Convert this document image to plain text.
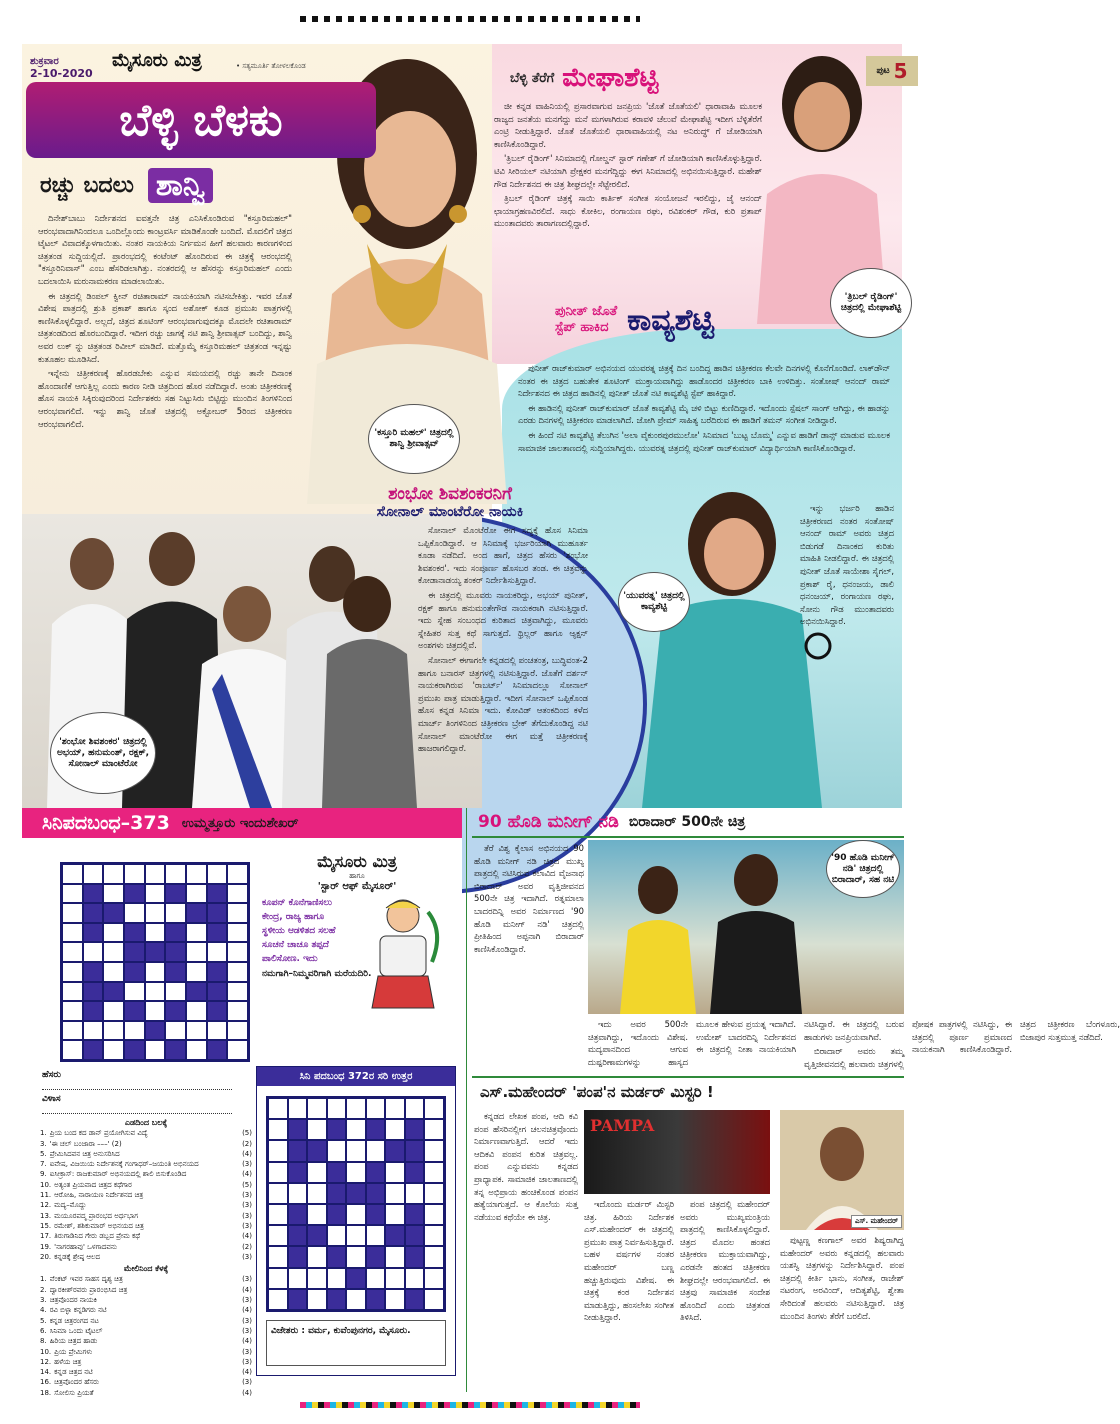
ಶುಕ್ರವಾರ
2-10-2020
ಮೈಸೂರು ಮಿತ್ರ	• ಸತ್ಯಮೂರ್ತಿ ತೋಳಲಕೊಂಡ
ಬೆಳ್ಳಿ ಬೆಳಕು
ಪುಟ 5
ರಚ್ಚು ಬದಲು ಶಾನ್ವಿ

ದಿನೇಶ್‌ಬಾಬು ನಿರ್ದೇಶನದ ಐವತ್ತನೇ ಚಿತ್ರ ಎನಿಸಿಕೊಂಡಿರುವ "ಕಸ್ತೂರಿಮಹಲ್" ಆರಂಭವಾದಾಗಿನಿಂದಲೂ ಒಂದಿಲ್ಲೊಂದು ಕಾಂಟ್ರವರ್ಸಿ ಮಾಡಿಕೊಂಡೇ ಬಂದಿದೆ. ಮೊದಲಿಗೆ ಚಿತ್ರದ ಟೈಟಲ್ ವಿವಾದಕ್ಕೊಳಗಾಯಿತು. ನಂತರ ನಾಯಕಿಯ ನಿರ್ಗಮನ ಹೀಗೆ ಹಲವಾರು ಕಾರಣಗಳಿಂದ ಚಿತ್ರತಂಡ ಸುದ್ದಿಯಲ್ಲಿದೆ. ಪ್ರಾರಂಭದಲ್ಲಿ ಕಂಟೆಂಟ್ ಹೊಂದಿರುವ ಈ ಚಿತ್ರಕ್ಕೆ ಆರಂಭದಲ್ಲಿ "ಕಸ್ತೂರಿನಿವಾಸ್" ಎಂಬ ಹೆಸರಿಡಲಾಗಿತ್ತು. ನಂತರದಲ್ಲಿ ಆ ಹೆಸರನ್ನು ಕಸ್ತೂರಿಮಹಲ್ ಎಂದು ಬದಲಾಯಿಸಿ ಮರುನಾಮಕರಣ ಮಾಡಲಾಯಿತು.

ಈ ಚಿತ್ರದಲ್ಲಿ ಡಿಂಪಲ್ ಕ್ವೀನ್ ರಚಿತಾರಾಮ್ ನಾಯಕಿಯಾಗಿ ನಟಿಸಬೇಕಿತ್ತು. ಇವರ ಜೊತೆ ವಿಶೇಷ ಪಾತ್ರದಲ್ಲಿ ಶ್ರುತಿ ಪ್ರಕಾಶ್ ಹಾಗೂ ಸ್ಕಂದ ಅಶೋಕ್ ಕೂಡ ಪ್ರಮುಖ ಪಾತ್ರಗಳಲ್ಲಿ ಕಾಣಿಸಿಕೊಳ್ಳಲಿದ್ದಾರೆ. ಅಲ್ಲದೆ, ಚಿತ್ರದ ಶೂಟಿಂಗ್ ಆರಂಭವಾಗುವುದಕ್ಕೂ ಮೊದಲೇ ರಚಿತಾರಾಮ್ ಚಿತ್ರತಂಡದಿಂದ ಹೊರಬಂದಿದ್ದಾರೆ. ಇದೀಗ ರಚ್ಚು ಜಾಗಕ್ಕೆ ನಟಿ ಶಾನ್ವಿ ಶ್ರೀವಾತ್ಸವ್ ಬಂದಿದ್ದು, ಶಾನ್ವಿ ಅವರ ಲುಕ್ ನ್ನು ಚಿತ್ರತಂಡ ರಿವೀಲ್ ಮಾಡಿದೆ. ಮತ್ತೊಮ್ಮೆ ಕಸ್ತೂರಿಮಹಲ್ ಚಿತ್ರತಂಡ ಇನ್ನಷ್ಟು ಕುತೂಹಲ ಮೂಡಿಸಿದೆ.

ಇನ್ನೇನು ಚಿತ್ರೀಕರಣಕ್ಕೆ ಹೊರಡಬೇಕು ಎನ್ನುವ ಸಮಯದಲ್ಲಿ ರಚ್ಚು ತಾನೇ ದಿನಾಂಕ ಹೊಂದಾಣಿಕೆ ಆಗುತ್ತಿಲ್ಲ ಎಂದು ಕಾರಣ ನೀಡಿ ಚಿತ್ರದಿಂದ ಹೊರ ನಡೆದಿದ್ದಾರೆ. ಅಂತು ಚಿತ್ರೀಕರಣಕ್ಕೆ ಹೊಸ ನಾಯಕಿ ಸಿಕ್ಕಿರುವುದರಿಂದ ನಿರ್ದೇಶಕರು ಸಹ ನಿಟ್ಟುಸಿರು ಬಿಟ್ಟಿದ್ದು ಮುಂದಿನ ತಿಂಗಳಿನಿಂದ ಆರಂಭವಾಗಲಿದೆ. ಇನ್ನು ಶಾನ್ವಿ ಜೊತೆ ಚಿತ್ರದಲ್ಲಿ ಅಕ್ಟೋಬರ್ 5ರಿಂದ ಚಿತ್ರೀಕರಣ ಆರಂಭವಾಗಲಿದೆ.

'ಕಸ್ತೂರಿ ಮಹಲ್' ಚಿತ್ರದಲ್ಲಿ ಶಾನ್ವಿ ಶ್ರೀವಾತ್ಸವ್
ಬೆಳ್ಳಿ ತೆರೆಗೆ ಮೇಘಾಶೆಟ್ಟಿ

ಜೀ ಕನ್ನಡ ವಾಹಿನಿಯಲ್ಲಿ ಪ್ರಸಾರವಾಗುವ ಜನಪ್ರಿಯ 'ಜೊತೆ ಜೊತೆಯಲಿ' ಧಾರಾವಾಹಿ ಮೂಲಕ ರಾಜ್ಯದ ಜನತೆಯ ಮನಗೆದ್ದು ಮನೆ ಮಗಳಾಗಿರುವ ಕರಾವಳಿ ಚೆಲುವೆ ಮೇಘಾಶೆಟ್ಟಿ ಇದೀಗ ಬೆಳ್ಳಿತೆರೆಗೆ ಎಂಟ್ರಿ ನೀಡುತ್ತಿದ್ದಾರೆ. ಜೊತೆ ಜೊತೆಯಲಿ ಧಾರಾವಾಹಿಯಲ್ಲಿ ನಟ ಅನಿರುದ್ಧ್ ಗೆ ಜೋಡಿಯಾಗಿ ಕಾಣಿಸಿಕೊಂಡಿದ್ದಾರೆ.

'ತ್ರಿಬಲ್ ರೈಡಿಂಗ್' ಸಿನಿಮಾದಲ್ಲಿ ಗೋಲ್ಡನ್ ಸ್ಟಾರ್ ಗಣೇಶ್ ಗೆ ಜೋಡಿಯಾಗಿ ಕಾಣಿಸಿಕೊಳ್ಳುತ್ತಿದ್ದಾರೆ. ಟಿವಿ ಸೀರಿಯಲ್ ನಟಿಯಾಗಿ ಪ್ರೇಕ್ಷಕರ ಮನಗೆದ್ದಿದ್ದು ಈಗ ಸಿನಿಮಾದಲ್ಲಿ ಅಭಿನಯಿಸುತ್ತಿದ್ದಾರೆ. ಮಹೇಶ್ ಗೌಡ ನಿರ್ದೇಶನದ ಈ ಚಿತ್ರ ಶೀಘ್ರದಲ್ಲೇ ಸೆಟ್ಟೇರಲಿದೆ.

ತ್ರಿಬಲ್ ರೈಡಿಂಗ್ ಚಿತ್ರಕ್ಕೆ ಸಾಯಿ ಕಾರ್ತಿಕ್ ಸಂಗೀತ ಸಂಯೋಜನೆ ಇರಲಿದ್ದು, ಜೈ ಆನಂದ್ ಛಾಯಾಗ್ರಹಣವಿರಲಿದೆ. ಸಾಧು ಕೋಕಿಲ, ರಂಗಾಯಣ ರಘು, ರವಿಶಂಕರ್ ಗೌಡ, ಕುರಿ ಪ್ರತಾಪ್ ಮುಂತಾದವರು ತಾರಾಗಣದಲ್ಲಿದ್ದಾರೆ.

'ತ್ರಿಬಲ್ ರೈಡಿಂಗ್' ಚಿತ್ರದಲ್ಲಿ ಮೇಘಾಶೆಟ್ಟಿ
ಪುನೀತ್ ಜೊತೆ
ಸ್ಟೆಪ್ ಹಾಕಿದ ಕಾವ್ಯಶೆಟ್ಟಿ

ಪುನೀತ್ ರಾಜ್‌ಕುಮಾರ್ ಅಭಿನಯದ ಯುವರತ್ನ ಚಿತ್ರಕ್ಕೆ ದಿನ ಬಂದಿದ್ದ ಹಾಡಿನ ಚಿತ್ರೀಕರಣ ಕೆಲವೇ ದಿನಗಳಲ್ಲಿ ಕೊನೆಗೊಂಡಿದೆ. ಲಾಕ್‌ಡೌನ್ ನಂತರ ಈ ಚಿತ್ರದ ಬಹುತೇಕ ಶೂಟಿಂಗ್ ಮುಕ್ತಾಯವಾಗಿದ್ದು ಹಾಡೊಂದರ ಚಿತ್ರೀಕರಣ ಬಾಕಿ ಉಳಿದಿತ್ತು. ಸಂತೋಷ್ ಆನಂದ್ ರಾಮ್ ನಿರ್ದೇಶನದ ಈ ಚಿತ್ರದ ಹಾಡಿನಲ್ಲಿ ಪುನೀತ್ ಜೊತೆ ನಟಿ ಕಾವ್ಯಶೆಟ್ಟಿ ಸ್ಟೆಪ್ ಹಾಕಿದ್ದಾರೆ.

ಈ ಹಾಡಿನಲ್ಲಿ ಪುನೀತ್ ರಾಜ್‌ಕುಮಾರ್ ಜೊತೆ ಕಾವ್ಯಶೆಟ್ಟಿ ಮೈ ಚಳಿ ಬಿಟ್ಟು ಕುಣಿದಿದ್ದಾರೆ. ಇದೊಂದು ಸ್ಪೆಷಲ್ ಸಾಂಗ್ ಆಗಿದ್ದು, ಈ ಹಾಡನ್ನು ಎರಡು ದಿನಗಳಲ್ಲಿ ಚಿತ್ರೀಕರಣ ಮಾಡಲಾಗಿದೆ. ಜೋಗಿ ಪ್ರೇಮ್ ಸಾಹಿತ್ಯ ಬರೆದಿರುವ ಈ ಹಾಡಿಗೆ ತಮನ್ ಸಂಗೀತ ನೀಡಿದ್ದಾರೆ.

ಈ ಹಿಂದೆ ನಟಿ ಕಾವ್ಯಶೆಟ್ಟಿ ತೆಲುಗಿನ 'ಅಲಾ ವೈಕುಂಠಪುರಮುಲೋ' ಸಿನಿಮಾದ 'ಬುಟ್ಟ ಬೊಮ್ಮ' ಎನ್ನುವ ಹಾಡಿಗೆ ಡಾನ್ಸ್ ಮಾಡುವ ಮೂಲಕ ಸಾಮಾಜಿಕ ಜಾಲತಾಣದಲ್ಲಿ ಸುದ್ದಿಯಾಗಿದ್ದರು. ಯುವರತ್ನ ಚಿತ್ರದಲ್ಲಿ ಪುನೀತ್ ರಾಜ್‌ಕುಮಾರ್ ವಿದ್ಯಾರ್ಥಿಯಾಗಿ ಕಾಣಿಸಿಕೊಂಡಿದ್ದಾರೆ.

ಇನ್ನು ಭರ್ಜರಿ ಹಾಡಿನ ಚಿತ್ರೀಕರಣದ ನಂತರ ಸಂತೋಷ್ ಆನಂದ್ ರಾಮ್ ಅವರು ಚಿತ್ರದ ಬಿಡುಗಡೆ ದಿನಾಂಕದ ಕುರಿತು ಮಾಹಿತಿ ನೀಡಲಿದ್ದಾರೆ. ಈ ಚಿತ್ರದಲ್ಲಿ ಪುನೀತ್ ಜೊತೆ ಸಾಯೇಶಾ ಸೈಗಲ್, ಪ್ರಕಾಶ್ ರೈ, ಧನಂಜಯ, ಡಾಲಿ ಧನಂಜಯ್, ರಂಗಾಯಣ ರಘು, ಸೋನು ಗೌಡ ಮುಂತಾದವರು ಅಭಿನಯಿಸಿದ್ದಾರೆ.

'ಯುವರತ್ನ' ಚಿತ್ರದಲ್ಲಿ ಕಾವ್ಯಶೆಟ್ಟಿ
ಶಂಭೋ ಶಿವಶಂಕರನಿಗೆ
ಸೋನಾಲ್ ಮಾಂಟೆರೋ ನಾಯಕಿ

ಸೋನಾಲ್ ಮೊಂಟೆರೋ ಈಗ ಸದ್ಯಕ್ಕೆ ಹೊಸ ಸಿನಿಮಾ ಒಪ್ಪಿಕೊಂಡಿದ್ದಾರೆ. ಆ ಸಿನಿಮಾಕ್ಕೆ ಭರ್ಜರಿಯಾಗಿ ಮುಹೂರ್ತ ಕೂಡಾ ನಡೆದಿದೆ. ಅಂದ ಹಾಗೆ, ಚಿತ್ರದ ಹೆಸರು 'ಶಂಭೋ ಶಿವಶಂಕರ'. ಇದು ಸಂಪೂರ್ಣ ಹೊಸಬರ ತಂಡ. ಈ ಚಿತ್ರವನ್ನು ಕೋಡಾನಾಡಯ್ಯ ಶಂಕರ್ ನಿರ್ದೇಶಿಸುತ್ತಿದ್ದಾರೆ.

ಈ ಚಿತ್ರದಲ್ಲಿ ಮೂವರು ನಾಯಕರಿದ್ದು, ಅಭಯ್ ಪುನೀತ್, ರಕ್ಷಕ್ ಹಾಗೂ ಹನುಮಂತೇಗೌಡ ನಾಯಕರಾಗಿ ನಟಿಸುತ್ತಿದ್ದಾರೆ. ಇದು ಸ್ನೇಹ ಸಂಬಂಧದ ಕುರಿತಾದ ಚಿತ್ರವಾಗಿದ್ದು, ಮೂವರು ಸ್ನೇಹಿತರ ಸುತ್ತ ಕಥೆ ಸಾಗುತ್ತದೆ. ಥ್ರಿಲ್ಲರ್ ಹಾಗೂ ಆ್ಯಕ್ಷನ್ ಅಂಶಗಳು ಚಿತ್ರದಲ್ಲಿವೆ.

ಸೋನಾಲ್ ಈಗಾಗಲೇ ಕನ್ನಡದಲ್ಲಿ ಪಂಚತಂತ್ರ, ಬುದ್ಧಿವಂತ-2 ಹಾಗೂ ಬನಾರಸ್ ಚಿತ್ರಗಳಲ್ಲಿ ನಟಿಸುತ್ತಿದ್ದಾರೆ. ಜೊತೆಗೆ ದರ್ಶನ್ ನಾಯಕರಾಗಿರುವ 'ರಾಬರ್ಟ್' ಸಿನಿಮಾದಲ್ಲೂ ಸೋನಾಲ್ ಪ್ರಮುಖ ಪಾತ್ರ ಮಾಡುತ್ತಿದ್ದಾರೆ. ಇದೀಗ ಸೋನಾಲ್ ಒಪ್ಪಿಕೊಂಡ ಹೊಸ ಕನ್ನಡ ಸಿನಿಮಾ ಇದು. ಕೋವಿಡ್ ಆತಂಕದಿಂದ ಕಳೆದ ಮಾರ್ಚ್ ತಿಂಗಳಿನಿಂದ ಚಿತ್ರೀಕರಣ ಬ್ರೇಕ್ ತೆಗೆದುಕೊಂಡಿದ್ದ ನಟಿ ಸೋನಾಲ್ ಮಾಂಟೆರೋ ಈಗ ಮತ್ತೆ ಚಿತ್ರೀಕರಣಕ್ಕೆ ಹಾಜರಾಗಲಿದ್ದಾರೆ.

'ಶಂಭೋ ಶಿವಶಂಕರ' ಚಿತ್ರದಲ್ಲಿ ಅಭಯ್, ಹನುಮಂತ್, ರಕ್ಷಕ್, ಸೋನಾಲ್ ಮಾಂಟೆರೋ
ಸಿನಿಪದಬಂಧ–373 ಉಮ್ಮತ್ತೂರು ಇಂದುಶೇಖರ್
ಹೆಸರು
ವಿಳಾಸ
ಎಡದಿಂದ ಬಲಕ್ಕೆ
1. ಪ್ರಿಯ ಬಂದ ಕದ ಡಾನ್ ಪ್ರಯೋಗಿಸುವ ವಿದ್ಯೆ	(5)
3. 'ಈ ಚಲ್ ಬಂಜಾರಾ –––' (2)	(2)
5. ಪ್ರೇಮಿಸಿದವನ ಚಿತ್ರ ಅನುಸರಿಸಿದ	(4)
7. ಐವೇಷ, ವಿಜಯಿಯ ನಿರ್ದೇಶನಕ್ಕೆ ಗಂಗಾಧರ್–ಜಯಂತಿ ಅಭಿನಯದ	(3)
9. ಐಸೀಕ್ರಾಸ್: ರಾಜಕುಮಾರ್ ಅಭಿನಯದಲ್ಲಿ ಶಾಲಿ ಬಿಸುಕೊಂಡಿದ	(4)
10. ಅತ್ಯಂತ ಪ್ರಿಯವಾದ ಚಿತ್ರದ ಕಥೆಗಾರ	(5)
11. ಆರೋಹಿ, ನಾರಾಯಣ ನಿರ್ದೇಶನದ ಚಿತ್ರ	(3)
12. ಮದ್ಯ–ಮೊದ್ದು	(3)
13. ಮಯೂರಪದ್ಮ ಪ್ರಾರಂಭದ ಅರ್ಧಭಾಗ	(3)
15. ರಮೇಶ್, ಶಶಿಕುಮಾರ್ ಅಭಿನಯದ ಚಿತ್ರ	(3)
17. ತಿರುಗಾಡಿನಿದ ಗೇರು ಡಬ್ಬದ ಪ್ರೇಮ ಕಥೆ	(4)
19. 'ನಾಗರಹಾವು' ಒಳಗಾದವನು	(2)
20. ಕನ್ನಡಕ್ಕೆ ಶ್ರೇಷ್ಠ ಆಲದ	(3)
ಮೇಲಿನಿಂದ ಕೆಳಕ್ಕೆ
1. ವೆಂಕಟ್ ಇವರ ಸಾಹಸ ದೃಶ್ಯ ಚಿತ್ರ	(3)
2. ದ್ವಾರಕೀಶ್‌ರವರು ಪ್ರಾರಂಭಿಸಿದ ಚಿತ್ರ	(4)
3. ಚಿತ್ರವೊಂದರ ನಾಯಕಿ	(3)
4. ರವಿ ಬಿಳ್ಳಾ ಕನ್ನಡಿಗರು ನಟಿ	(4)
5. ಕನ್ನಡ ಚಿತ್ರರಂಗದ ನಟ	(3)
6. ಸಿನಿಮಾ ಒಂದು ಟೈಟಲ್	(3)
8. ಹಿರಿಯ ಚಿತ್ರದ ಹಾಡು	(4)
10. ಪ್ರಿಯ ಪ್ರೇಮಿಗಳು	(3)
12. ಹಳೆಯ ಚಿತ್ರ	(3)
14. ಕನ್ನಡ ಚಿತ್ರದ ನಟಿ	(4)
16. ಚಿತ್ರವೊಂದರ ಹೆಸರು	(3)
18. ಸೋಲಿಸು ಪ್ರಿಯತೆ	(4)
ಮೈಸೂರು ಮಿತ್ರ
ಹಾಗೂ
'ಸ್ಟಾರ್ ಆಫ್ ಮೈಸೂರ್'
ಕೂಪನ್ ಕೊನೆಗಾಣಿಸಲು ಕೇಂದ್ರ, ರಾಜ್ಯ ಹಾಗೂ ಸ್ಥಳೀಯ ಆಡಳಿತದ ಸಲಹೆ ಸೂಚನೆ ಚಾಚೂ ತಪ್ಪದೆ ಪಾಲಿಸೋಣ. ಇದು
ನಮಗಾಗಿ–ನಿಮ್ಮವರಿಗಾಗಿ ಮರೆಯದಿರಿ.
ಸಿನಿ ಪದಬಂಧ 372ರ ಸರಿ ಉತ್ತರ
ವಿಜೇತರು : ವರ್ಮ, ಕುವೆಂಪುನಗರ, ಮೈಸೂರು.
90 ಹೊಡಿ ಮನೀಗ್ ನಡಿ ಬಿರಾದಾರ್ 500ನೇ ಚಿತ್ರ

ತೆರೆ ವಿಶ್ವ ಕೈಲಾಸ ಅಭಿನಯದ 90 ಹೊಡಿ ಮನೀಗ್ ನಡಿ ಚಿತ್ರದ ಮುಖ್ಯ ಪಾತ್ರದಲ್ಲಿ ನಟಿಸಿರುವ ಕಲಾವಿದ ವೈಜನಾಥ ಬಿರಾದಾರ್ ಅವರ ವೃತ್ತಿಜೀವನದ 500ನೇ ಚಿತ್ರ ಇದಾಗಿದೆ. ರತ್ನಮಾಲಾ ಬಾದರದಿನ್ನಿ ಅವರ ನಿರ್ಮಾಣದ '90 ಹೊಡಿ ಮನೀಗ್ ನಡಿ' ಚಿತ್ರದಲ್ಲಿ ಪ್ರೀತಿಹಿಂದ ಅಪ್ಪನಾಗಿ ಬಿರಾದಾರ್ ಕಾಣಿಸಿಕೊಂಡಿದ್ದಾರೆ.

'90 ಹೊಡಿ ಮನೀಗ್ ನಡಿ' ಚಿತ್ರದಲ್ಲಿ ಬಿರಾದಾರ್, ಸಹ ನಟಿ

ಇದು ಅವರ 500ನೇ ಚಿತ್ರವಾಗಿದ್ದು, ಇದೊಂದು ವಿಶೇಷ. ಮದ್ಯಪಾನದಿಂದ ಆಗುವ ದುಷ್ಪರಿಣಾಮಗಳನ್ನು ಹಾಸ್ಯದ ಮೂಲಕ ಹೇಳುವ ಪ್ರಯತ್ನ ಇದಾಗಿದೆ. ಉಮೇಶ್ ಬಾದರದಿನ್ನಿ ನಿರ್ದೇಶನದ ಈ ಚಿತ್ರದಲ್ಲಿ ನೀತಾ ನಾಯಕಿಯಾಗಿ ನಟಿಸಿದ್ದಾರೆ. ಈ ಚಿತ್ರದಲ್ಲಿ ಬರುವ ಹಾಡುಗಳು ಜನಪ್ರಿಯವಾಗಿವೆ.

ಬಿರಾದಾರ್ ಅವರು ತಮ್ಮ ವೃತ್ತಿಜೀವನದಲ್ಲಿ ಹಲವಾರು ಚಿತ್ರಗಳಲ್ಲಿ ಪೋಷಕ ಪಾತ್ರಗಳಲ್ಲಿ ನಟಿಸಿದ್ದು, ಈ ಚಿತ್ರದಲ್ಲಿ ಪೂರ್ಣ ಪ್ರಮಾಣದ ನಾಯಕನಾಗಿ ಕಾಣಿಸಿಕೊಂಡಿದ್ದಾರೆ. ಚಿತ್ರದ ಚಿತ್ರೀಕರಣ ಬೆಂಗಳೂರು, ಬಿಜಾಪುರ ಸುತ್ತಮುತ್ತ ನಡೆದಿದೆ.

ಎಸ್.ಮಹೇಂದರ್ 'ಪಂಪ'ನ ಮರ್ಡರ್ ಮಿಸ್ಟರಿ !

ಕನ್ನಡದ ಲೇಖಕ ಪಂಪ, ಆದಿ ಕವಿ ಪಂಪ ಹೆಸರಿನಲ್ಲೀಗ ಚಲನಚಿತ್ರವೊಂದು ನಿರ್ಮಾಣವಾಗುತ್ತಿದೆ. ಆದರೆ ಇದು ಆದಿಕವಿ ಪಂಪನ ಕುರಿತ ಚಿತ್ರವಲ್ಲ. ಪಂಪ ಎನ್ನುವವನು ಕನ್ನಡದ ಪ್ರಾಧ್ಯಾಪಕ. ಸಾಮಾಜಿಕ ಜಾಲತಾಣದಲ್ಲಿ ತನ್ನ ಅಭಿಪ್ರಾಯ ಹಂಚಿಕೊಂಡ ಪಂಪನ ಹತ್ಯೆಯಾಗುತ್ತದೆ. ಆ ಕೊಲೆಯ ಸುತ್ತ ನಡೆಯುವ ಕಥೆಯೇ ಈ ಚಿತ್ರ.

PAMPA

ಇದೊಂದು ಮರ್ಡರ್ ಮಿಸ್ಟರಿ ಚಿತ್ರ. ಹಿರಿಯ ನಿರ್ದೇಶಕ ಎಸ್.ಮಹೇಂದರ್ ಈ ಚಿತ್ರದಲ್ಲಿ ಪ್ರಮುಖ ಪಾತ್ರ ನಿರ್ವಹಿಸುತ್ತಿದ್ದಾರೆ. ಬಹಳ ವರ್ಷಗಳ ನಂತರ ಮಹೇಂದರ್ ಬಣ್ಣ ಹಚ್ಚುತ್ತಿರುವುದು ವಿಶೇಷ. ಈ ಚಿತ್ರಕ್ಕೆ ಕಂಠ ನಿರ್ದೇಶನ ಮಾಡುತ್ತಿದ್ದು, ಹಂಸಲೇಖ ಸಂಗೀತ ನೀಡುತ್ತಿದ್ದಾರೆ.

ಪಂಪ ಚಿತ್ರದಲ್ಲಿ ಮಹೇಂದರ್ ಅವರು ಮುಖ್ಯಮಂತ್ರಿಯ ಪಾತ್ರದಲ್ಲಿ ಕಾಣಿಸಿಕೊಳ್ಳಲಿದ್ದಾರೆ. ಚಿತ್ರದ ಮೊದಲ ಹಂತದ ಚಿತ್ರೀಕರಣ ಮುಕ್ತಾಯವಾಗಿದ್ದು, ಎರಡನೇ ಹಂತದ ಚಿತ್ರೀಕರಣ ಶೀಘ್ರದಲ್ಲೇ ಆರಂಭವಾಗಲಿದೆ. ಈ ಚಿತ್ರವು ಸಾಮಾಜಿಕ ಸಂದೇಶ ಹೊಂದಿದೆ ಎಂದು ಚಿತ್ರತಂಡ ತಿಳಿಸಿದೆ.

ಎಸ್. ಮಹೇಂದರ್

ಪುಟ್ಟಣ್ಣ ಕಣಗಾಲ್ ಅವರ ಶಿಷ್ಯರಾಗಿದ್ದ ಮಹೇಂದರ್ ಅವರು ಕನ್ನಡದಲ್ಲಿ ಹಲವಾರು ಯಶಸ್ವಿ ಚಿತ್ರಗಳನ್ನು ನಿರ್ದೇಶಿಸಿದ್ದಾರೆ. ಪಂಪ ಚಿತ್ರದಲ್ಲಿ ಕೀರ್ತಿ ಭಾನು, ಸಂಗೀತ, ರಾಜೇಶ್ ನಟರಂಗ, ಅರವಿಂದ್, ಆದಿತ್ಯಶೆಟ್ಟಿ, ಶ್ವೇತಾ ಸೇರಿದಂತೆ ಹಲವರು ನಟಿಸುತ್ತಿದ್ದಾರೆ. ಚಿತ್ರ ಮುಂದಿನ ತಿಂಗಳು ತೆರೆಗೆ ಬರಲಿದೆ.
